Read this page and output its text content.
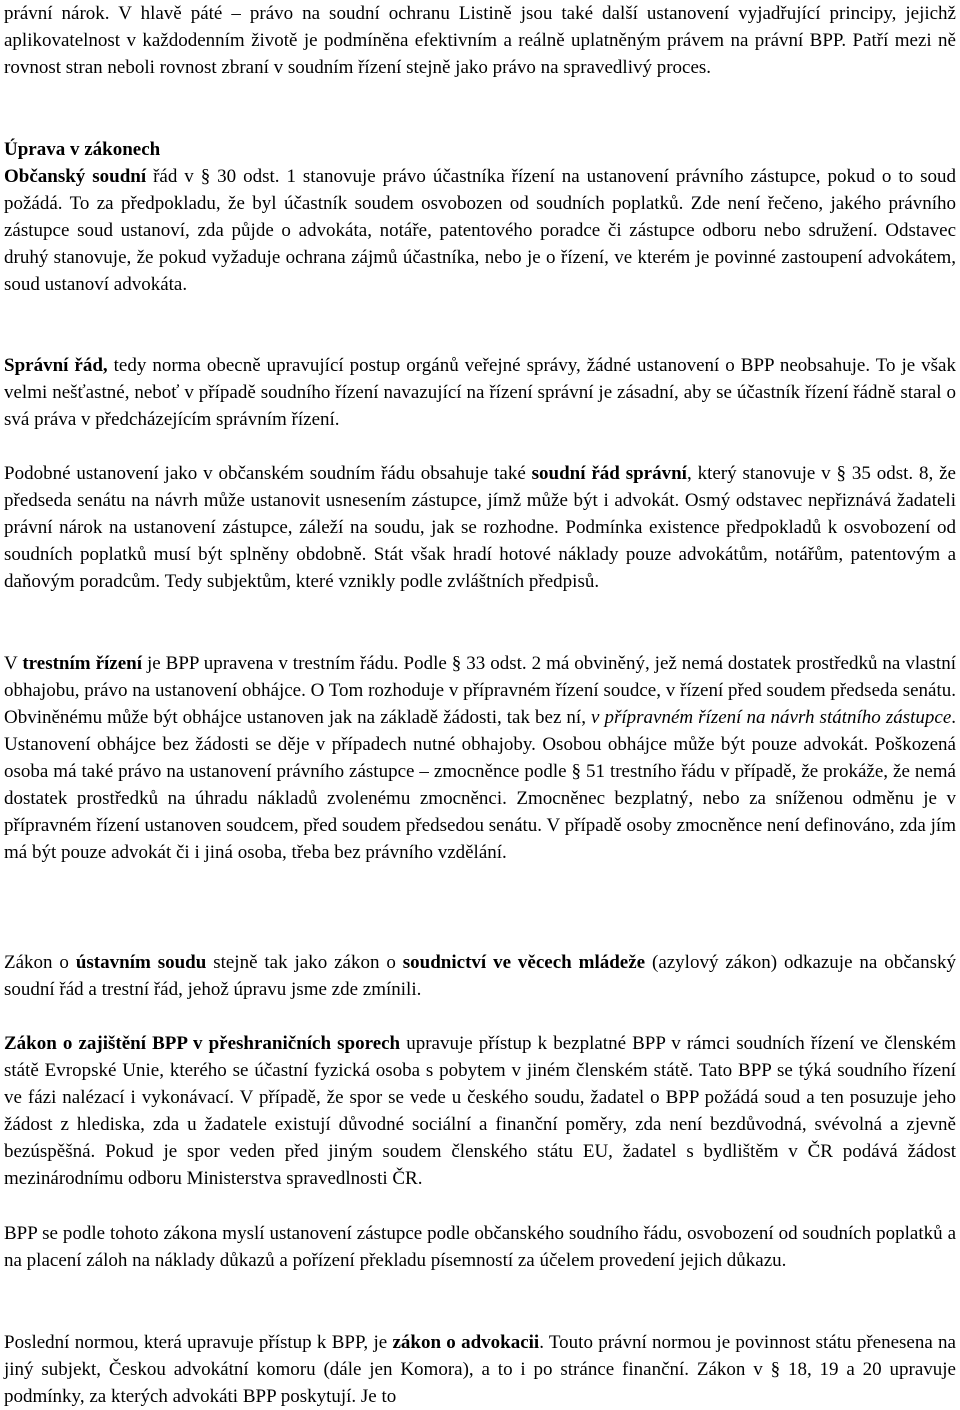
právní nárok. V hlavě páté – právo na soudní ochranu Listině jsou také další ustanovení vyjadřující principy, jejichž aplikovatelnost v každodenním životě je podmíněna efektivním a reálně uplatněným právem na právní BPP. Patří mezi ně rovnost stran neboli rovnost zbraní v soudním řízení stejně jako právo na spravedlivý proces.

Úprava v zákonech

Občanský soudní řád v § 30 odst. 1 stanovuje právo účastníka řízení na ustanovení právního zástupce, pokud o to soud požádá. To za předpokladu, že byl účastník soudem osvobozen od soudních poplatků. Zde není řečeno, jakého právního zástupce soud ustanoví, zda půjde o advokáta, notáře, patentového poradce či zástupce odboru nebo sdružení. Odstavec druhý stanovuje, že pokud vyžaduje ochrana zájmů účastníka, nebo je o řízení, ve kterém je povinné zastoupení advokátem, soud ustanoví advokáta.

Správní řád, tedy norma obecně upravující postup orgánů veřejné správy, žádné ustanovení o BPP neobsahuje. To je však velmi nešťastné, neboť v případě soudního řízení navazující na řízení správní je zásadní, aby se účastník řízení řádně staral o svá práva v předcházejícím správním řízení.

Podobné ustanovení jako v občanském soudním řádu obsahuje také soudní řád správní, který stanovuje v § 35 odst. 8, že předseda senátu na návrh může ustanovit usnesením zástupce, jímž může být i advokát. Osmý odstavec nepřiznává žadateli právní nárok na ustanovení zástupce, záleží na soudu, jak se rozhodne. Podmínka existence předpokladů k osvobození od soudních poplatků musí být splněny obdobně. Stát však hradí hotové náklady pouze advokátům, notářům, patentovým a daňovým poradcům. Tedy subjektům, které vznikly podle zvláštních předpisů.

V trestním řízení je BPP upravena v trestním řádu. Podle § 33 odst. 2 má obviněný, jež nemá dostatek prostředků na vlastní obhajobu, právo na ustanovení obhájce. O Tom rozhoduje v přípravném řízení soudce, v řízení před soudem předseda senátu. Obviněnému může být obhájce ustanoven jak na základě žádosti, tak bez ní, v přípravném řízení na návrh státního zástupce. Ustanovení obhájce bez žádosti se děje v případech nutné obhajoby. Osobou obhájce může být pouze advokát. Poškozená osoba má také právo na ustanovení právního zástupce – zmocněnce podle § 51 trestního řádu v případě, že prokáže, že nemá dostatek prostředků na úhradu nákladů zvolenému zmocněnci. Zmocněnec bezplatný, nebo za sníženou odměnu je v přípravném řízení ustanoven soudcem, před soudem předsedou senátu. V případě osoby zmocněnce není definováno, zda jím má být pouze advokát či i jiná osoba, třeba bez právního vzdělání.

Zákon o ústavním soudu stejně tak jako zákon o soudnictví ve věcech mládeže (azylový zákon) odkazuje na občanský soudní řád a trestní řád, jehož úpravu jsme zde zmínili.

Zákon o zajištění BPP v přeshraničních sporech upravuje přístup k bezplatné BPP v rámci soudních řízení ve členském státě Evropské Unie, kterého se účastní fyzická osoba s pobytem v jiném členském státě. Tato BPP se týká soudního řízení ve fázi nalézací i vykonávací. V případě, že spor se vede u českého soudu, žadatel o BPP požádá soud a ten posuzuje jeho žádost z hlediska, zda u žadatele existují důvodné sociální a finanční poměry, zda není bezdůvodná, svévolná a zjevně bezúspěšná. Pokud je spor veden před jiným soudem členského státu EU, žadatel s bydlištěm v ČR podává žádost mezinárodnímu odboru Ministerstva spravedlnosti ČR.

BPP se podle tohoto zákona myslí ustanovení zástupce podle občanského soudního řádu, osvobození od soudních poplatků a na placení záloh na náklady důkazů a pořízení překladu písemností za účelem provedení jejich důkazu.

Poslední normou, která upravuje přístup k BPP, je zákon o advokacii. Touto právní normou je povinnost státu přenesena na jiný subjekt, Českou advokátní komoru (dále jen Komora), a to i po stránce finanční. Zákon v § 18, 19 a 20 upravuje podmínky, za kterých advokáti BPP poskytují. Je to
